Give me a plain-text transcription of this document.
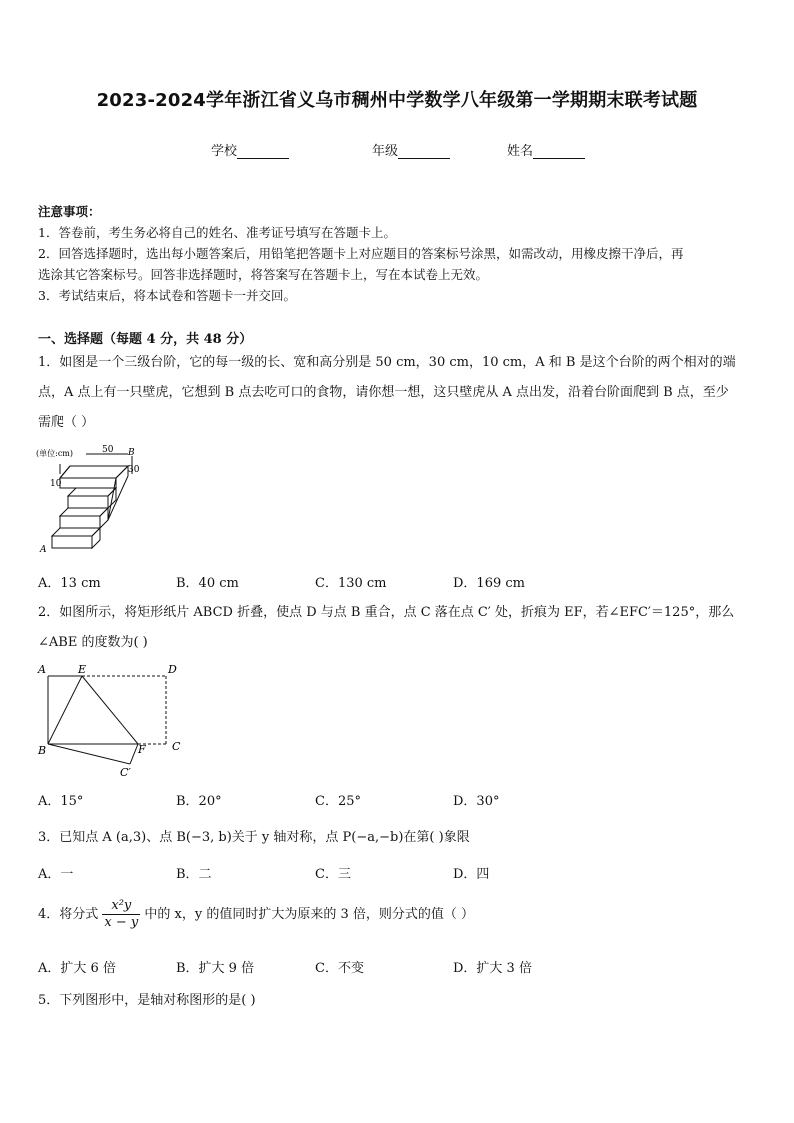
2023-2024学年浙江省义乌市稠州中学数学八年级第一学期期末联考试题
学校	年级	姓名
注意事项：
1．答卷前，考生务必将自己的姓名、准考证号填写在答题卡上。
2．回答选择题时，选出每小题答案后，用铅笔把答题卡上对应题目的答案标号涂黑，如需改动，用橡皮擦干净后，再
选涂其它答案标号。回答非选择题时，将答案写在答题卡上，写在本试卷上无效。
3．考试结束后，将本试卷和答题卡一并交回。
一、选择题（每题 4 分，共 48 分）
1．如图是一个三级台阶，它的每一级的长、宽和高分别是 50 cm，30 cm，10 cm，A 和 B 是这个台阶的两个相对的端
点，A 点上有一只壁虎，它想到 B 点去吃可口的食物，请你想一想，这只壁虎从 A 点出发，沿着台阶面爬到 B 点，至少
需爬（ ）
(单位:cm)	50
30
10
A
B
A．13 cm	B．40 cm	C．130 cm	D．169 cm
2．如图所示，将矩形纸片 ABCD 折叠，使点 D 与点 B 重合，点 C 落在点 C′ 处，折痕为 EF，若∠EFC′＝125°，那么
∠ABE 的度数为( )
A	E	D
B	F C
C′
A．15°	B．20°	C．25°	D．30°
3．已知点 A (a,3)、点 B(−3, b)关于 y 轴对称，点 P(−a,−b)在第( )象限
A．一	B．二	C．三	D．四
4．将分式 $\frac{\text{x²y}}{x - y}$ 中的 x，y 的值同时扩大为原来的 3 倍，则分式的值（ ）
A．扩大 6 倍	B．扩大 9 倍	C．不变	D．扩大 3 倍
5．下列图形中，是轴对称图形的是( )
